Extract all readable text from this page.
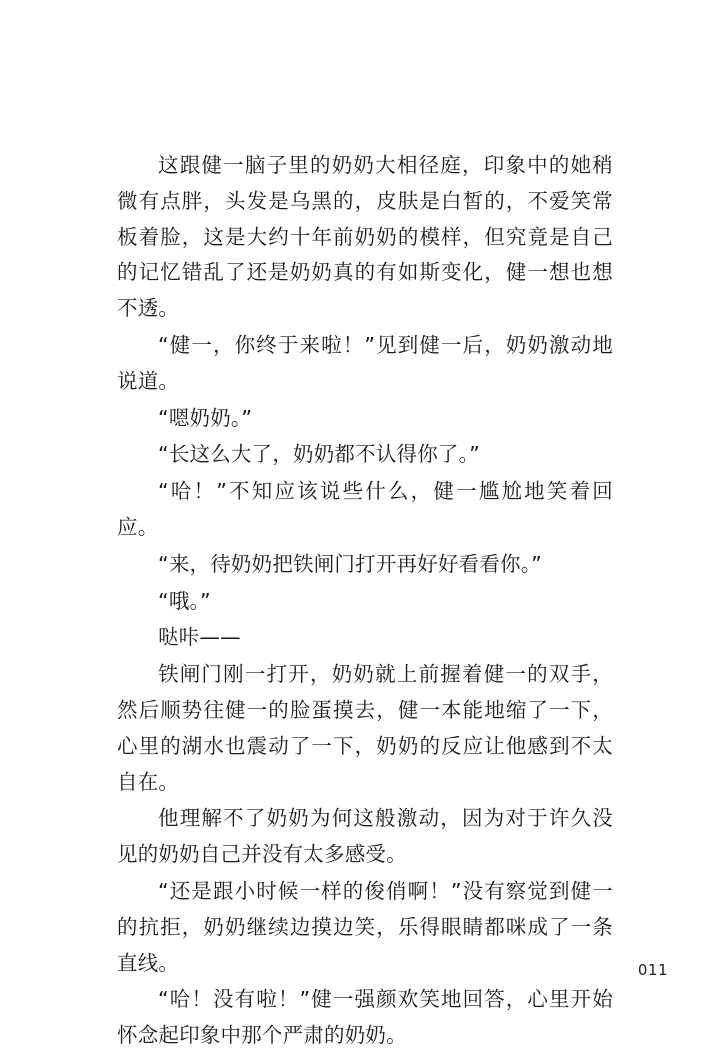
这跟健一脑子里的奶奶大相径庭，印象中的她稍微有点胖，头发是乌黑的，皮肤是白皙的，不爱笑常板着脸，这是大约十年前奶奶的模样，但究竟是自己的记忆错乱了还是奶奶真的有如斯变化，健一想也想不透。

“健一，你终于来啦！”见到健一后，奶奶激动地说道。

“嗯奶奶。”

“长这么大了，奶奶都不认得你了。”

“哈！”不知应该说些什么，健一尴尬地笑着回应。

“来，待奶奶把铁闸门打开再好好看看你。”

“哦。”

哒咔——

铁闸门刚一打开，奶奶就上前握着健一的双手，然后顺势往健一的脸蛋摸去，健一本能地缩了一下，心里的湖水也震动了一下，奶奶的反应让他感到不太自在。

他理解不了奶奶为何这般激动，因为对于许久没见的奶奶自己并没有太多感受。

“还是跟小时候一样的俊俏啊！”没有察觉到健一的抗拒，奶奶继续边摸边笑，乐得眼睛都咪成了一条直线。

“哈！没有啦！”健一强颜欢笑地回答，心里开始怀念起印象中那个严肃的奶奶。

011
